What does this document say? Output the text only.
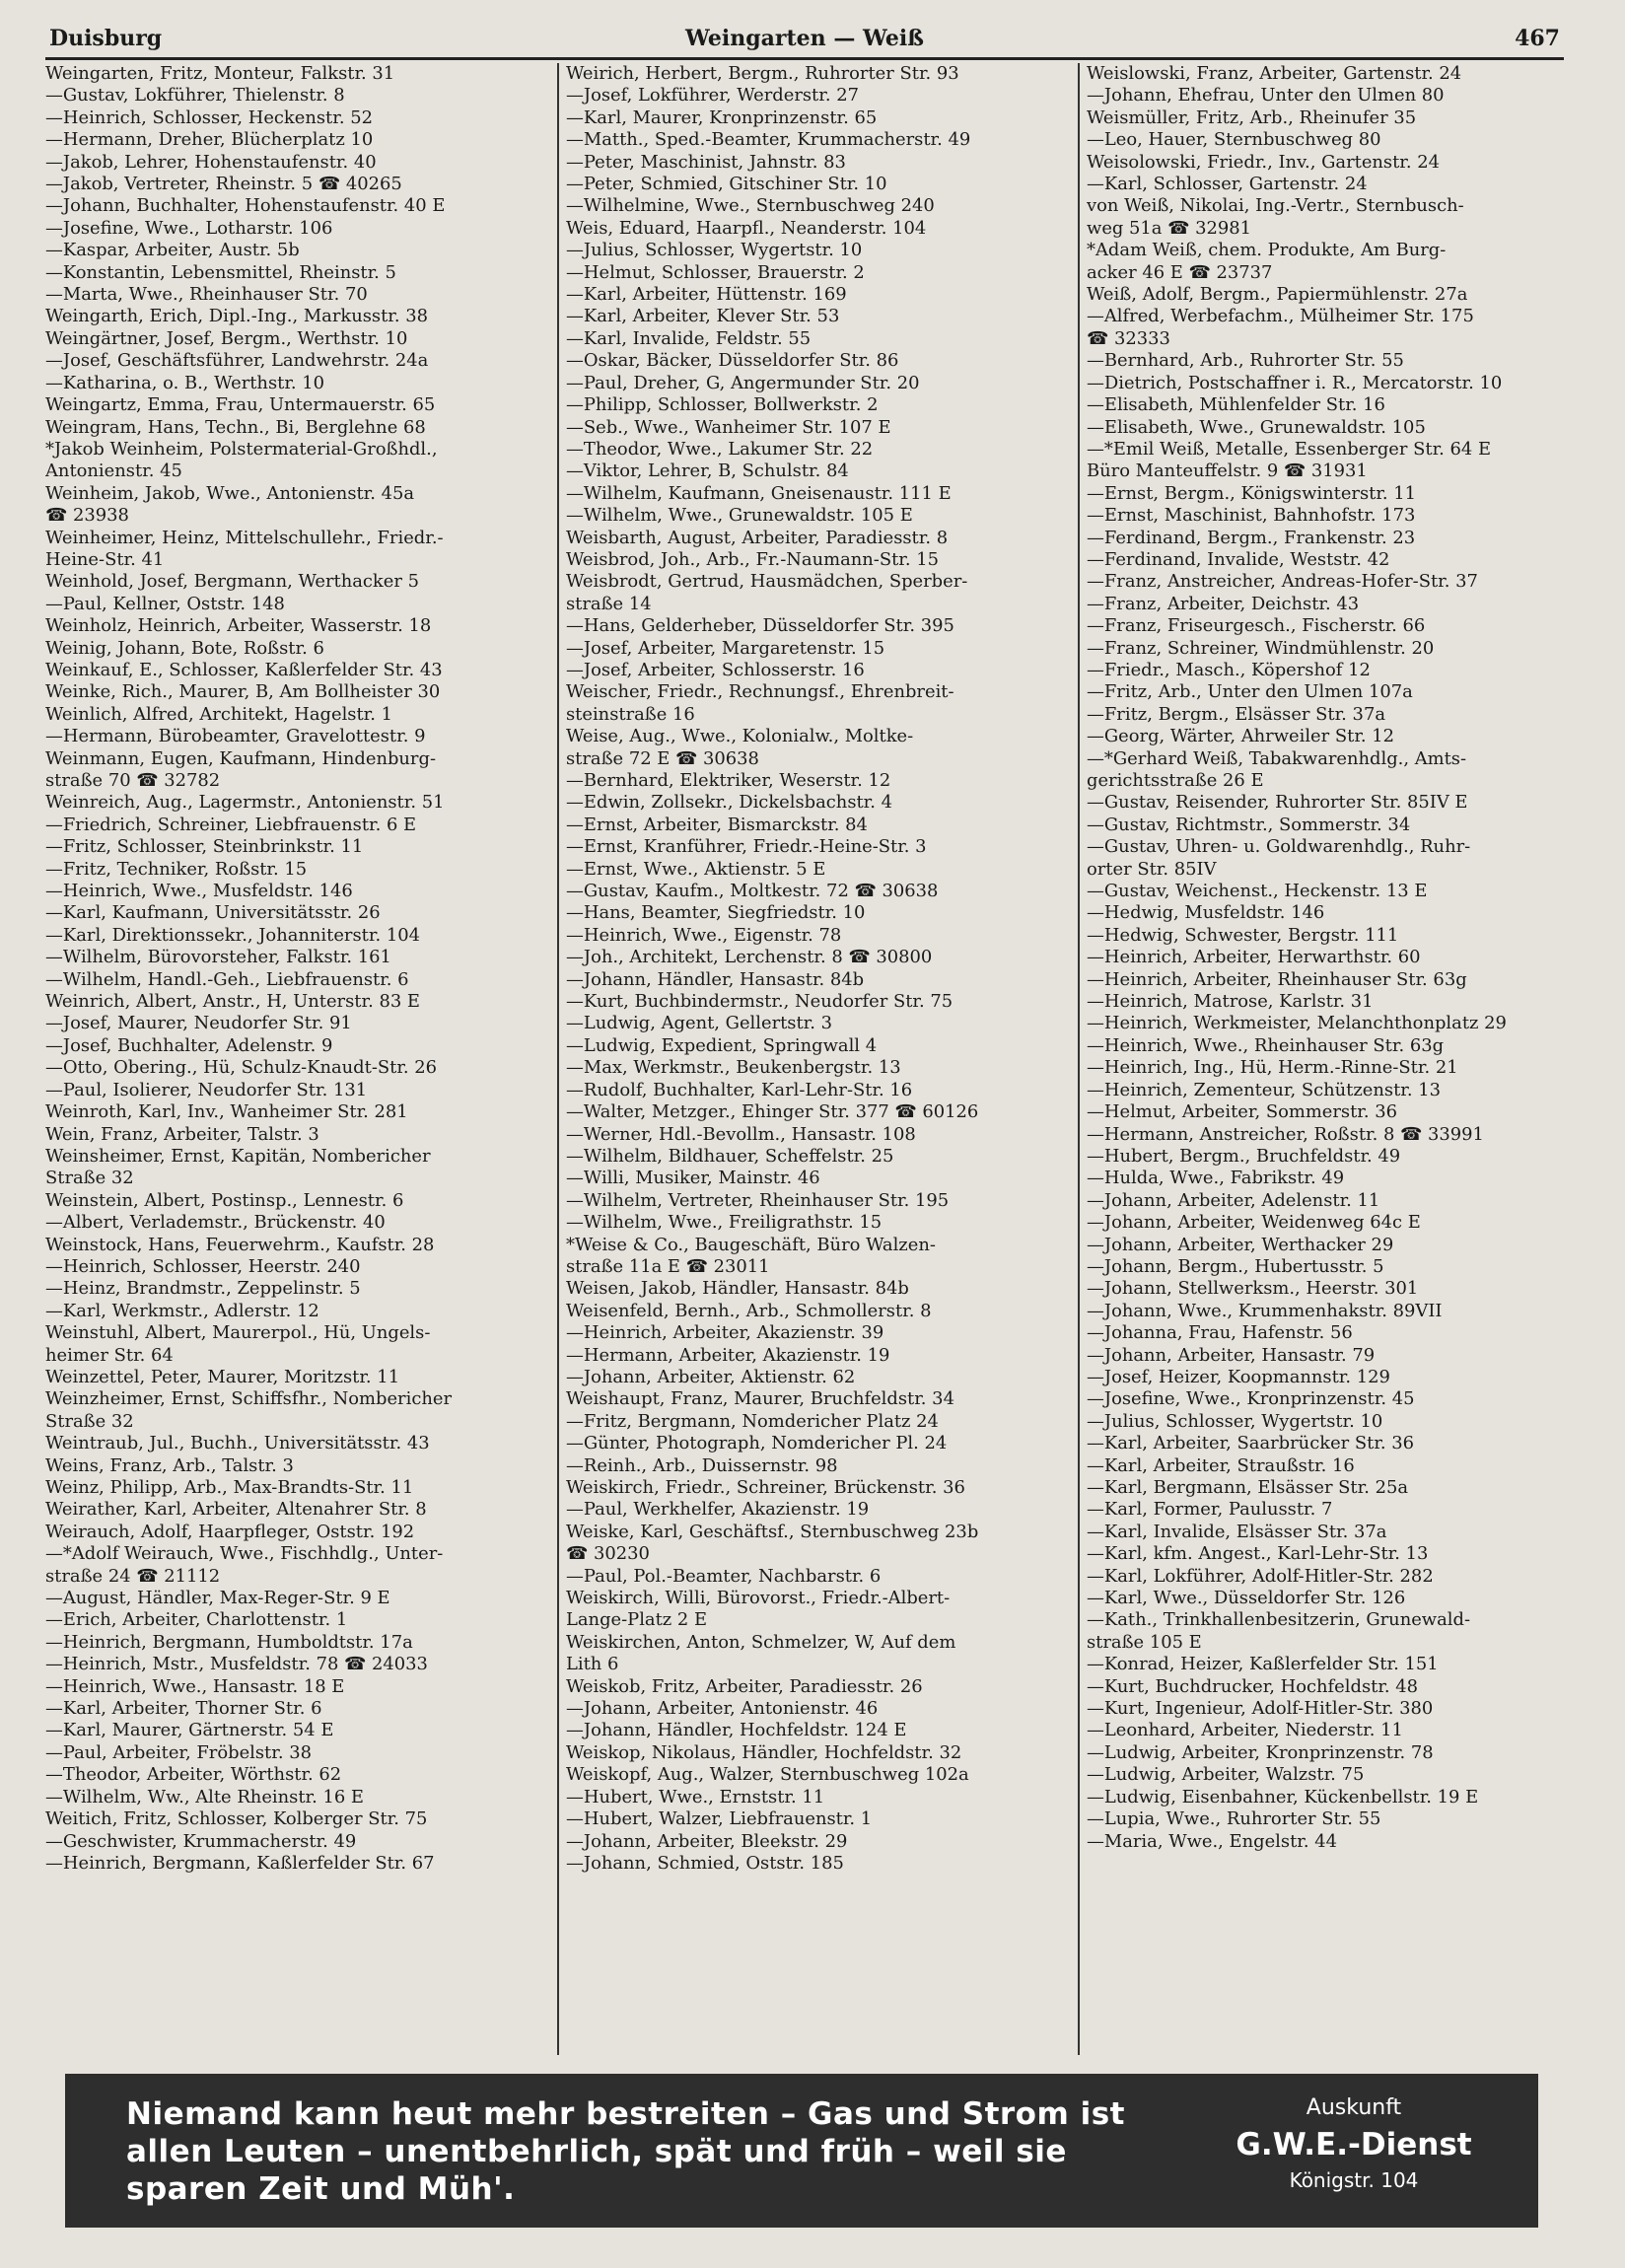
Duisburg	Weingarten — Weiß	467
Weingarten, Fritz, Monteur, Falkstr. 31
—Gustav, Lokführer, Thielenstr. 8
—Heinrich, Schlosser, Heckenstr. 52
—Hermann, Dreher, Blücherplatz 10
—Jakob, Lehrer, Hohenstaufenstr. 40
—Jakob, Vertreter, Rheinstr. 5 ☎ 40265
—Johann, Buchhalter, Hohenstaufenstr. 40 E
—Josefine, Wwe., Lotharstr. 106
—Kaspar, Arbeiter, Austr. 5b
—Konstantin, Lebensmittel, Rheinstr. 5
—Marta, Wwe., Rheinhauser Str. 70
Weingarth, Erich, Dipl.-Ing., Markusstr. 38
Weingärtner, Josef, Bergm., Werthstr. 10
—Josef, Geschäftsführer, Landwehrstr. 24a
—Katharina, o. B., Werthstr. 10
Weingartz, Emma, Frau, Untermauerstr. 65
Weingram, Hans, Techn., Bi, Berglehne 68
*Jakob Weinheim, Polstermaterial-Großhdl.,
Antonienstr. 45
Weinheim, Jakob, Wwe., Antonienstr. 45a
☎ 23938
Weinheimer, Heinz, Mittelschullehr., Friedr.-
Heine-Str. 41
Weinhold, Josef, Bergmann, Werthacker 5
—Paul, Kellner, Oststr. 148
Weinholz, Heinrich, Arbeiter, Wasserstr. 18
Weinig, Johann, Bote, Roßstr. 6
Weinkauf, E., Schlosser, Kaßlerfelder Str. 43
Weinke, Rich., Maurer, B, Am Bollheister 30
Weinlich, Alfred, Architekt, Hagelstr. 1
—Hermann, Bürobeamter, Gravelottestr. 9
Weinmann, Eugen, Kaufmann, Hindenburg-
straße 70 ☎ 32782
Weinreich, Aug., Lagermstr., Antonienstr. 51
—Friedrich, Schreiner, Liebfrauenstr. 6 E
—Fritz, Schlosser, Steinbrinkstr. 11
—Fritz, Techniker, Roßstr. 15
—Heinrich, Wwe., Musfeldstr. 146
—Karl, Kaufmann, Universitätsstr. 26
—Karl, Direktionssekr., Johanniterstr. 104
—Wilhelm, Bürovorsteher, Falkstr. 161
—Wilhelm, Handl.-Geh., Liebfrauenstr. 6
Weinrich, Albert, Anstr., H, Unterstr. 83 E
—Josef, Maurer, Neudorfer Str. 91
—Josef, Buchhalter, Adelenstr. 9
—Otto, Obering., Hü, Schulz-Knaudt-Str. 26
—Paul, Isolierer, Neudorfer Str. 131
Weinroth, Karl, Inv., Wanheimer Str. 281
Wein, Franz, Arbeiter, Talstr. 3
Weinsheimer, Ernst, Kapitän, Nombericher
Straße 32
Weinstein, Albert, Postinsp., Lennestr. 6
—Albert, Verlademstr., Brückenstr. 40
Weinstock, Hans, Feuerwehrm., Kaufstr. 28
—Heinrich, Schlosser, Heerstr. 240
—Heinz, Brandmstr., Zeppelinstr. 5
—Karl, Werkmstr., Adlerstr. 12
Weinstuhl, Albert, Maurerpol., Hü, Ungels-
heimer Str. 64
Weinzettel, Peter, Maurer, Moritzstr. 11
Weinzheimer, Ernst, Schiffsfhr., Nombericher
Straße 32
Weintraub, Jul., Buchh., Universitätsstr. 43
Weins, Franz, Arb., Talstr. 3
Weinz, Philipp, Arb., Max-Brandts-Str. 11
Weirather, Karl, Arbeiter, Altenahrer Str. 8
Weirauch, Adolf, Haarpfleger, Oststr. 192
—*Adolf Weirauch, Wwe., Fischhdlg., Unter-
straße 24 ☎ 21112
—August, Händler, Max-Reger-Str. 9 E
—Erich, Arbeiter, Charlottenstr. 1
—Heinrich, Bergmann, Humboldtstr. 17a
—Heinrich, Mstr., Musfeldstr. 78 ☎ 24033
—Heinrich, Wwe., Hansastr. 18 E
—Karl, Arbeiter, Thorner Str. 6
—Karl, Maurer, Gärtnerstr. 54 E
—Paul, Arbeiter, Fröbelstr. 38
—Theodor, Arbeiter, Wörthstr. 62
—Wilhelm, Ww., Alte Rheinstr. 16 E
Weitich, Fritz, Schlosser, Kolberger Str. 75
—Geschwister, Krummacherstr. 49
—Heinrich, Bergmann, Kaßlerfelder Str. 67
Weirich, Herbert, Bergm., Ruhrorter Str. 93
—Josef, Lokführer, Werderstr. 27
—Karl, Maurer, Kronprinzenstr. 65
—Matth., Sped.-Beamter, Krummacherstr. 49
—Peter, Maschinist, Jahnstr. 83
—Peter, Schmied, Gitschiner Str. 10
—Wilhelmine, Wwe., Sternbuschweg 240
Weis, Eduard, Haarpfl., Neanderstr. 104
—Julius, Schlosser, Wygertstr. 10
—Helmut, Schlosser, Brauerstr. 2
—Karl, Arbeiter, Hüttenstr. 169
—Karl, Arbeiter, Klever Str. 53
—Karl, Invalide, Feldstr. 55
—Oskar, Bäcker, Düsseldorfer Str. 86
—Paul, Dreher, G, Angermunder Str. 20
—Philipp, Schlosser, Bollwerkstr. 2
—Seb., Wwe., Wanheimer Str. 107 E
—Theodor, Wwe., Lakumer Str. 22
—Viktor, Lehrer, B, Schulstr. 84
—Wilhelm, Kaufmann, Gneisenaustr. 111 E
—Wilhelm, Wwe., Grunewaldstr. 105 E
Weisbarth, August, Arbeiter, Paradiesstr. 8
Weisbrod, Joh., Arb., Fr.-Naumann-Str. 15
Weisbrodt, Gertrud, Hausmädchen, Sperber-
straße 14
—Hans, Gelderheber, Düsseldorfer Str. 395
—Josef, Arbeiter, Margaretenstr. 15
—Josef, Arbeiter, Schlosserstr. 16
Weischer, Friedr., Rechnungsf., Ehrenbreit-
steinstraße 16
Weise, Aug., Wwe., Kolonialw., Moltke-
straße 72 E ☎ 30638
—Bernhard, Elektriker, Weserstr. 12
—Edwin, Zollsekr., Dickelsbachstr. 4
—Ernst, Arbeiter, Bismarckstr. 84
—Ernst, Kranführer, Friedr.-Heine-Str. 3
—Ernst, Wwe., Aktienstr. 5 E
—Gustav, Kaufm., Moltkestr. 72 ☎ 30638
—Hans, Beamter, Siegfriedstr. 10
—Heinrich, Wwe., Eigenstr. 78
—Joh., Architekt, Lerchenstr. 8 ☎ 30800
—Johann, Händler, Hansastr. 84b
—Kurt, Buchbindermstr., Neudorfer Str. 75
—Ludwig, Agent, Gellertstr. 3
—Ludwig, Expedient, Springwall 4
—Max, Werkmstr., Beukenbergstr. 13
—Rudolf, Buchhalter, Karl-Lehr-Str. 16
—Walter, Metzger., Ehinger Str. 377 ☎ 60126
—Werner, Hdl.-Bevollm., Hansastr. 108
—Wilhelm, Bildhauer, Scheffelstr. 25
—Willi, Musiker, Mainstr. 46
—Wilhelm, Vertreter, Rheinhauser Str. 195
—Wilhelm, Wwe., Freiligrathstr. 15
*Weise & Co., Baugeschäft, Büro Walzen-
straße 11a E ☎ 23011
Weisen, Jakob, Händler, Hansastr. 84b
Weisenfeld, Bernh., Arb., Schmollerstr. 8
—Heinrich, Arbeiter, Akazienstr. 39
—Hermann, Arbeiter, Akazienstr. 19
—Johann, Arbeiter, Aktienstr. 62
Weishaupt, Franz, Maurer, Bruchfeldstr. 34
—Fritz, Bergmann, Nomdericher Platz 24
—Günter, Photograph, Nomdericher Pl. 24
—Reinh., Arb., Duissernstr. 98
Weiskirch, Friedr., Schreiner, Brückenstr. 36
—Paul, Werkhelfer, Akazienstr. 19
Weiske, Karl, Geschäftsf., Sternbuschweg 23b
☎ 30230
—Paul, Pol.-Beamter, Nachbarstr. 6
Weiskirch, Willi, Bürovorst., Friedr.-Albert-
Lange-Platz 2 E
Weiskirchen, Anton, Schmelzer, W, Auf dem
Lith 6
Weiskob, Fritz, Arbeiter, Paradiesstr. 26
—Johann, Arbeiter, Antonienstr. 46
—Johann, Händler, Hochfeldstr. 124 E
Weiskop, Nikolaus, Händler, Hochfeldstr. 32
Weiskopf, Aug., Walzer, Sternbuschweg 102a
—Hubert, Wwe., Ernststr. 11
—Hubert, Walzer, Liebfrauenstr. 1
—Johann, Arbeiter, Bleekstr. 29
—Johann, Schmied, Oststr. 185
Weislowski, Franz, Arbeiter, Gartenstr. 24
—Johann, Ehefrau, Unter den Ulmen 80
Weismüller, Fritz, Arb., Rheinufer 35
—Leo, Hauer, Sternbuschweg 80
Weisolowski, Friedr., Inv., Gartenstr. 24
—Karl, Schlosser, Gartenstr. 24
von Weiß, Nikolai, Ing.-Vertr., Sternbusch-
weg 51a ☎ 32981
*Adam Weiß, chem. Produkte, Am Burg-
acker 46 E ☎ 23737
Weiß, Adolf, Bergm., Papiermühlenstr. 27a
—Alfred, Werbefachm., Mülheimer Str. 175
☎ 32333
—Bernhard, Arb., Ruhrorter Str. 55
—Dietrich, Postschaffner i. R., Mercatorstr. 10
—Elisabeth, Mühlenfelder Str. 16
—Elisabeth, Wwe., Grunewaldstr. 105
—*Emil Weiß, Metalle, Essenberger Str. 64 E
Büro Manteuffelstr. 9 ☎ 31931
—Ernst, Bergm., Königswinterstr. 11
—Ernst, Maschinist, Bahnhofstr. 173
—Ferdinand, Bergm., Frankenstr. 23
—Ferdinand, Invalide, Weststr. 42
—Franz, Anstreicher, Andreas-Hofer-Str. 37
—Franz, Arbeiter, Deichstr. 43
—Franz, Friseurgesch., Fischerstr. 66
—Franz, Schreiner, Windmühlenstr. 20
—Friedr., Masch., Köpershof 12
—Fritz, Arb., Unter den Ulmen 107a
—Fritz, Bergm., Elsässer Str. 37a
—Georg, Wärter, Ahrweiler Str. 12
—*Gerhard Weiß, Tabakwarenhdlg., Amts-
gerichtsstraße 26 E
—Gustav, Reisender, Ruhrorter Str. 85IV E
—Gustav, Richtmstr., Sommerstr. 34
—Gustav, Uhren- u. Goldwarenhdlg., Ruhr-
orter Str. 85IV
—Gustav, Weichenst., Heckenstr. 13 E
—Hedwig, Musfeldstr. 146
—Hedwig, Schwester, Bergstr. 111
—Heinrich, Arbeiter, Herwarthstr. 60
—Heinrich, Arbeiter, Rheinhauser Str. 63g
—Heinrich, Matrose, Karlstr. 31
—Heinrich, Werkmeister, Melanchthonplatz 29
—Heinrich, Wwe., Rheinhauser Str. 63g
—Heinrich, Ing., Hü, Herm.-Rinne-Str. 21
—Heinrich, Zementeur, Schützenstr. 13
—Helmut, Arbeiter, Sommerstr. 36
—Hermann, Anstreicher, Roßstr. 8 ☎ 33991
—Hubert, Bergm., Bruchfeldstr. 49
—Hulda, Wwe., Fabrikstr. 49
—Johann, Arbeiter, Adelenstr. 11
—Johann, Arbeiter, Weidenweg 64c E
—Johann, Arbeiter, Werthacker 29
—Johann, Bergm., Hubertusstr. 5
—Johann, Stellwerksm., Heerstr. 301
—Johann, Wwe., Krummenhakstr. 89VII
—Johanna, Frau, Hafenstr. 56
—Johann, Arbeiter, Hansastr. 79
—Josef, Heizer, Koopmannstr. 129
—Josefine, Wwe., Kronprinzenstr. 45
—Julius, Schlosser, Wygertstr. 10
—Karl, Arbeiter, Saarbrücker Str. 36
—Karl, Arbeiter, Straußstr. 16
—Karl, Bergmann, Elsässer Str. 25a
—Karl, Former, Paulusstr. 7
—Karl, Invalide, Elsässer Str. 37a
—Karl, kfm. Angest., Karl-Lehr-Str. 13
—Karl, Lokführer, Adolf-Hitler-Str. 282
—Karl, Wwe., Düsseldorfer Str. 126
—Kath., Trinkhallenbesitzerin, Grunewald-
straße 105 E
—Konrad, Heizer, Kaßlerfelder Str. 151
—Kurt, Buchdrucker, Hochfeldstr. 48
—Kurt, Ingenieur, Adolf-Hitler-Str. 380
—Leonhard, Arbeiter, Niederstr. 11
—Ludwig, Arbeiter, Kronprinzenstr. 78
—Ludwig, Arbeiter, Walzstr. 75
—Ludwig, Eisenbahner, Kückenbellstr. 19 E
—Lupia, Wwe., Ruhrorter Str. 55
—Maria, Wwe., Engelstr. 44
Niemand kann heut mehr bestreiten – Gas und Strom ist
allen Leuten – unentbehrlich, spät und früh – weil sie
sparen Zeit und Müh'.
Auskunft
G.W.E.-Dienst
Königstr. 104
